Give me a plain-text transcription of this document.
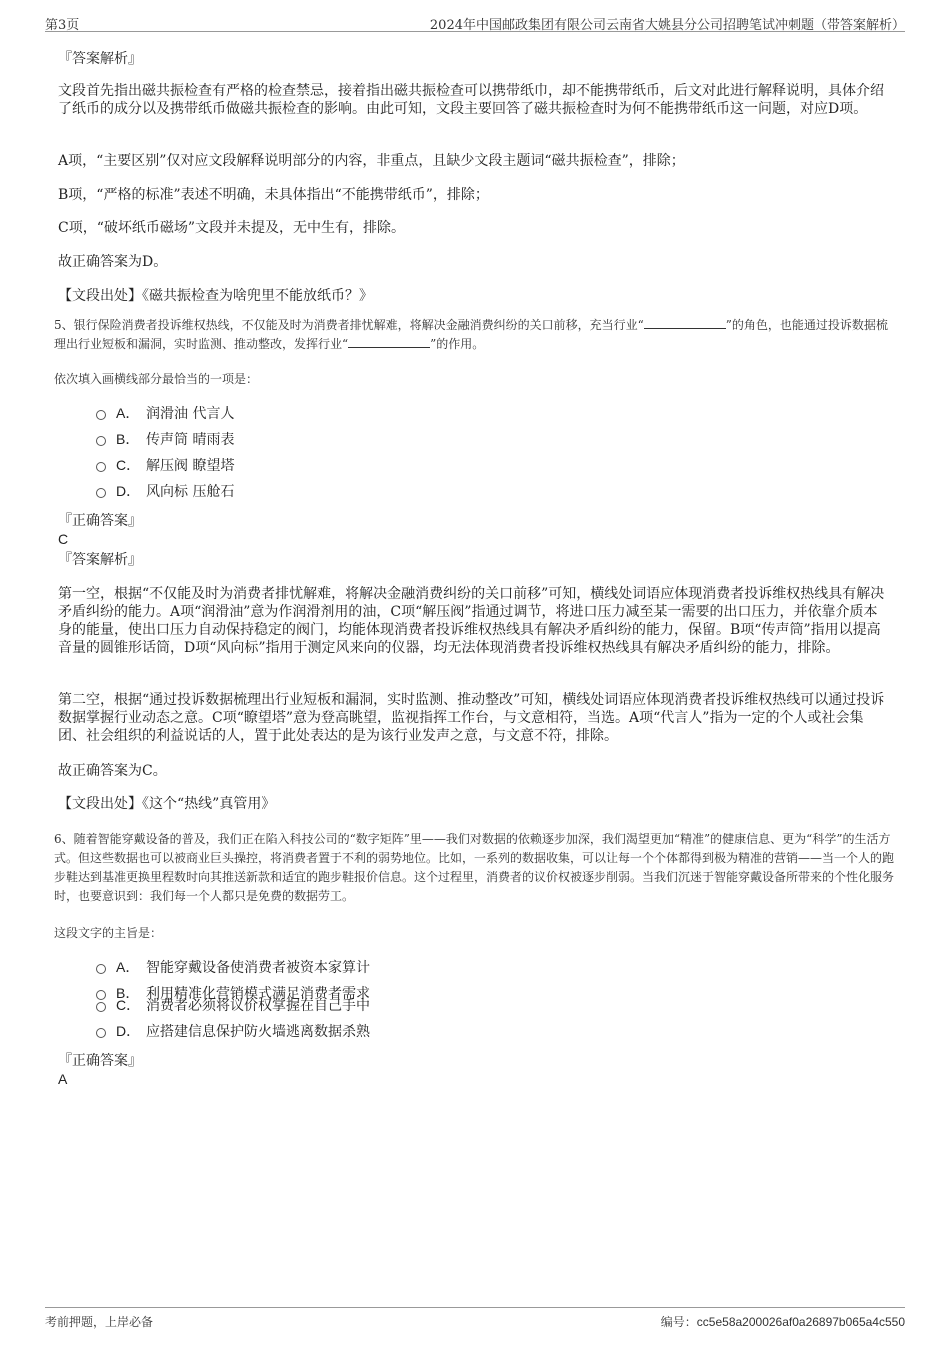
第3页	2024年中国邮政集团有限公司云南省大姚县分公司招聘笔试冲刺题（带答案解析）
『答案解析』
文段首先指出磁共振检查有严格的检查禁忌，接着指出磁共振检查可以携带纸巾，却不能携带纸币，后文对此进行解释说明，具体介绍了纸币的成分以及携带纸币做磁共振检查的影响。由此可知，文段主要回答了磁共振检查时为何不能携带纸币这一问题，对应D项。
A项，“主要区别”仅对应文段解释说明部分的内容，非重点，且缺少文段主题词“磁共振检查”，排除；
B项，“严格的标准”表述不明确，未具体指出“不能携带纸币”，排除；
C项，“破坏纸币磁场”文段并未提及，无中生有，排除。
故正确答案为D。
【文段出处】《磁共振检查为啥兜里不能放纸币？》
5、银行保险消费者投诉维权热线，不仅能及时为消费者排忧解难，将解决金融消费纠纷的关口前移，充当行业“	”的角色，也能通过投诉数据梳理出行业短板和漏洞，实时监测、推动整改，发挥行业“	”的作用。
依次填入画横线部分最恰当的一项是：
A． 润滑油 代言人
B． 传声筒 晴雨表
C． 解压阀 瞭望塔
D． 风向标 压舱石
『正确答案』
C
『答案解析』
第一空，根据“不仅能及时为消费者排忧解难，将解决金融消费纠纷的关口前移”可知，横线处词语应体现消费者投诉维权热线具有解决矛盾纠纷的能力。A项“润滑油”意为作润滑剂用的油，C项“解压阀”指通过调节，将进口压力减至某一需要的出口压力，并依靠介质本身的能量，使出口压力自动保持稳定的阀门，均能体现消费者投诉维权热线具有解决矛盾纠纷的能力，保留。B项“传声筒”指用以提高音量的圆锥形话筒，D项“风向标”指用于测定风来向的仪器，均无法体现消费者投诉维权热线具有解决矛盾纠纷的能力，排除。
第二空，根据“通过投诉数据梳理出行业短板和漏洞，实时监测、推动整改”可知，横线处词语应体现消费者投诉维权热线可以通过投诉数据掌握行业动态之意。C项“瞭望塔”意为登高眺望，监视指挥工作台，与文意相符，当选。A项“代言人”指为一定的个人或社会集团、社会组织的利益说话的人，置于此处表达的是为该行业发声之意，与文意不符，排除。
故正确答案为C。
【文段出处】《这个“热线”真管用》
6、随着智能穿戴设备的普及，我们正在陷入科技公司的“数字矩阵”里——我们对数据的依赖逐步加深，我们渴望更加“精准”的健康信息、更为“科学”的生活方式。但这些数据也可以被商业巨头操控，将消费者置于不利的弱势地位。比如，一系列的数据收集，可以让每一个个体都得到极为精准的营销——当一个人的跑步鞋达到基准更换里程数时向其推送新款和适宜的跑步鞋报价信息。这个过程里，消费者的议价权被逐步削弱。当我们沉迷于智能穿戴设备所带来的个性化服务时，也要意识到：我们每一个人都只是免费的数据劳工。
这段文字的主旨是：
A． 智能穿戴设备使消费者被资本家算计
B． 利用精准化营销模式满足消费者需求
C． 消费者必须将议价权掌握在自己手中
D． 应搭建信息保护防火墙逃离数据杀熟
『正确答案』
A
考前押题，上岸必备	编号：cc5e58a200026af0a26897b065a4c550
